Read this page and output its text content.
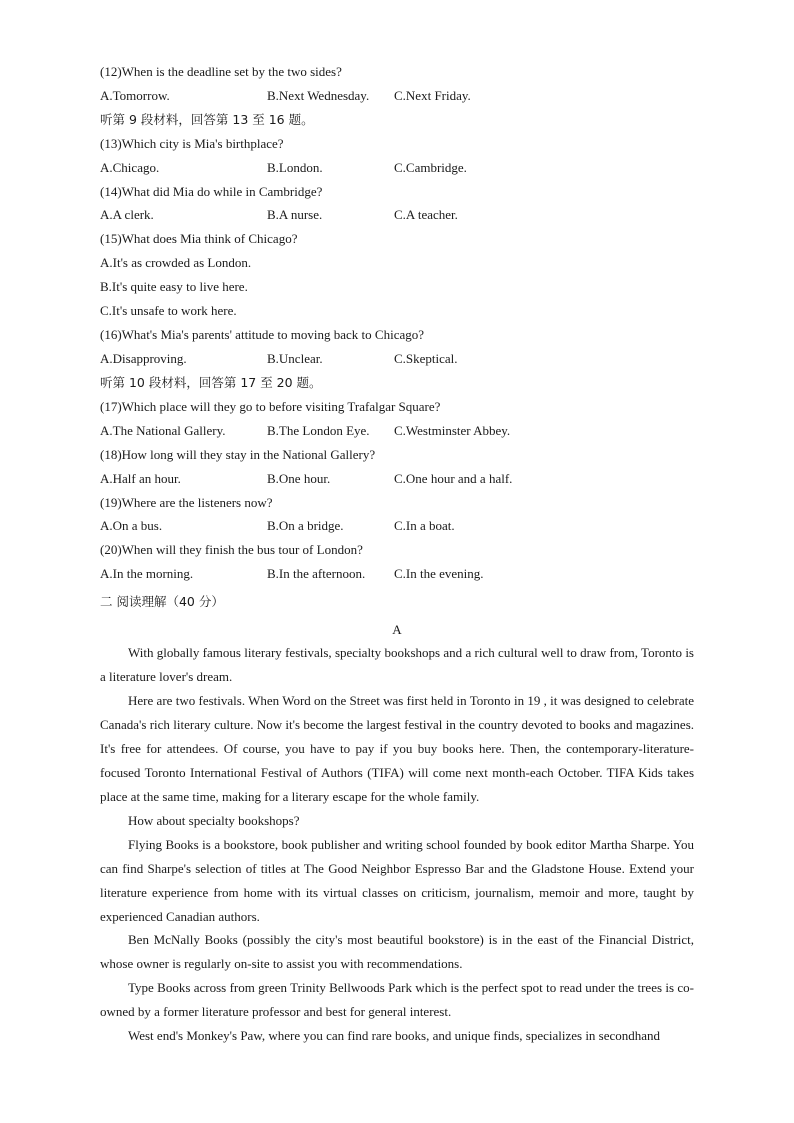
(12)When is the deadline set by the two sides?
A.Tomorrow.	B.Next Wednesday. C.Next Friday.
听第 9 段材料，回答第 13 至 16 题。
(13)Which city is Mia's birthplace?
A.Chicago.	B.London.	C.Cambridge.
(14)What did Mia do while in Cambridge?
A.A clerk.	B.A nurse.	C.A teacher.
(15)What does Mia think of Chicago?
A.It's as crowded as London.
B.It's quite easy to live here.
C.It's unsafe to work here.
(16)What's Mia's parents' attitude to moving back to Chicago?
A.Disapproving.	B.Unclear.	C.Skeptical.
听第 10 段材料，回答第 17 至 20 题。
(17)Which place will they go to before visiting Trafalgar Square?
A.The National Gallery.	B.The London Eye. C.Westminster Abbey.
(18)How long will they stay in the National Gallery?
A.Half an hour.	B.One hour.	C.One hour and a half.
(19)Where are the listeners now?
A.On a bus.	B.On a bridge.	C.In a boat.
(20)When will they finish the bus tour of London?
A.In the morning.	B.In the afternoon. C.In the evening.
二 阅读理解（40 分）
A
With globally famous literary festivals, specialty bookshops and a rich cultural well to draw from, Toronto is a literature lover's dream.
Here are two festivals. When Word on the Street was first held in Toronto in 19 , it was designed to celebrate Canada's rich literary culture. Now it's become the largest festival in the country devoted to books and magazines. It's free for attendees. Of course, you have to pay if you buy books here. Then, the contemporary-literature-focused Toronto International Festival of Authors (TIFA) will come next month-each October. TIFA Kids takes place at the same time, making for a literary escape for the whole family.
How about specialty bookshops?
Flying Books is a bookstore, book publisher and writing school founded by book editor Martha Sharpe. You can find Sharpe's selection of titles at The Good Neighbor Espresso Bar and the Gladstone House. Extend your literature experience from home with its virtual classes on criticism, journalism, memoir and more, taught by experienced Canadian authors.
Ben McNally Books (possibly the city's most beautiful bookstore) is in the east of the Financial District, whose owner is regularly on-site to assist you with recommendations.
Type Books across from green Trinity Bellwoods Park which is the perfect spot to read under the trees is co-owned by a former literature professor and best for general interest.
West end's Monkey's Paw, where you can find rare books, and unique finds, specializes in secondhand
